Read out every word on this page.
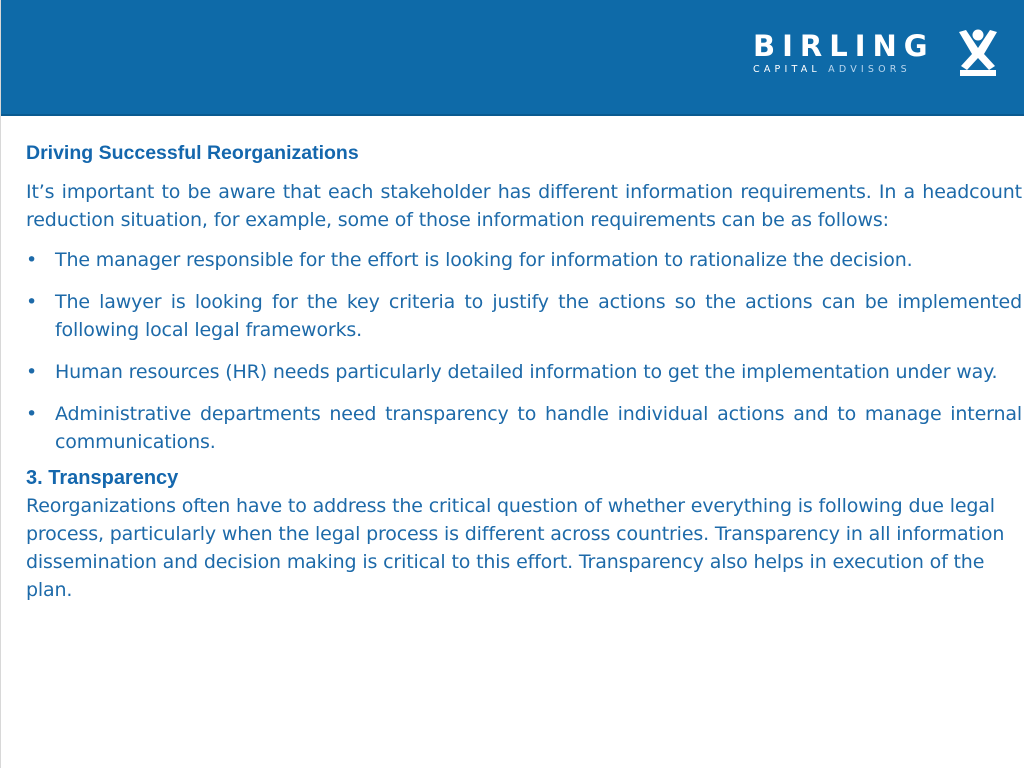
BIRLING
CAPITAL ADVISORS
Driving Successful Reorganizations

It’s important to be aware that each stakeholder has different information requirements. In a headcount reduction situation, for example, some of those information requirements can be as follows:

• The manager responsible for the effort is looking for information to rationalize the decision.
• The lawyer is looking for the key criteria to justify the actions so the actions can be implemented following local legal frameworks.
• Human resources (HR) needs particularly detailed information to get the implementation under way.
• Administrative departments need transparency to handle individual actions and to manage internal communications.
3. Transparency

Reorganizations often have to address the critical question of whether everything is following due legal process, particularly when the legal process is different across countries. Transparency in all information dissemination and decision making is critical to this effort. Transparency also helps in execution of the plan.
